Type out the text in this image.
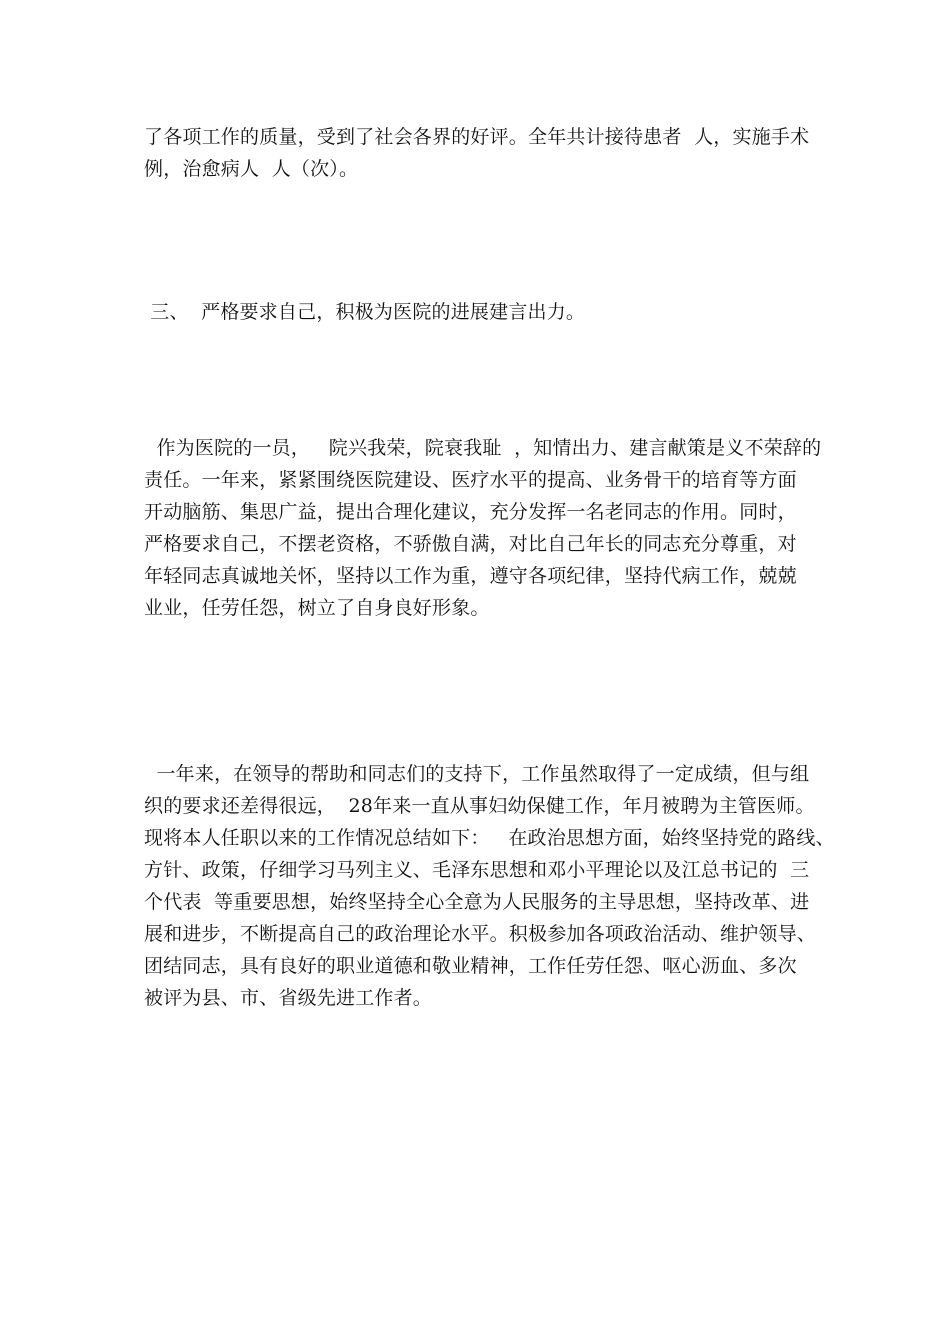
了各项工作的质量，受到了社会各界的好评。全年共计接待患者  人，实施手术
例，治愈病人  人（次）。
三、  严格要求自己，积极为医院的进展建言出力。
作为医院的一员，   院兴我荣，院衰我耻  ，知情出力、建言献策是义不荣辞的
责任。一年来，紧紧围绕医院建设、医疗水平的提高、业务骨干的培育等方面
开动脑筋、集思广益，提出合理化建议，充分发挥一名老同志的作用。同时，
严格要求自己，不摆老资格，不骄傲自满，对比自己年长的同志充分尊重，对
年轻同志真诚地关怀，坚持以工作为重，遵守各项纪律，坚持代病工作，兢兢
业业，任劳任怨，树立了自身良好形象。
一年来，在领导的帮助和同志们的支持下，工作虽然取得了一定成绩，但与组
织的要求还差得很远，  28年来一直从事妇幼保健工作，年月被聘为主管医师。
现将本人任职以来的工作情况总结如下：   在政治思想方面，始终坚持党的路线、
方针、政策，仔细学习马列主义、毛泽东思想和邓小平理论以及江总书记的  三
个代表  等重要思想，始终坚持全心全意为人民服务的主导思想，坚持改革、进
展和进步，不断提高自己的政治理论水平。积极参加各项政治活动、维护领导、
团结同志，具有良好的职业道德和敬业精神，工作任劳任怨、呕心沥血、多次
被评为县、市、省级先进工作者。
